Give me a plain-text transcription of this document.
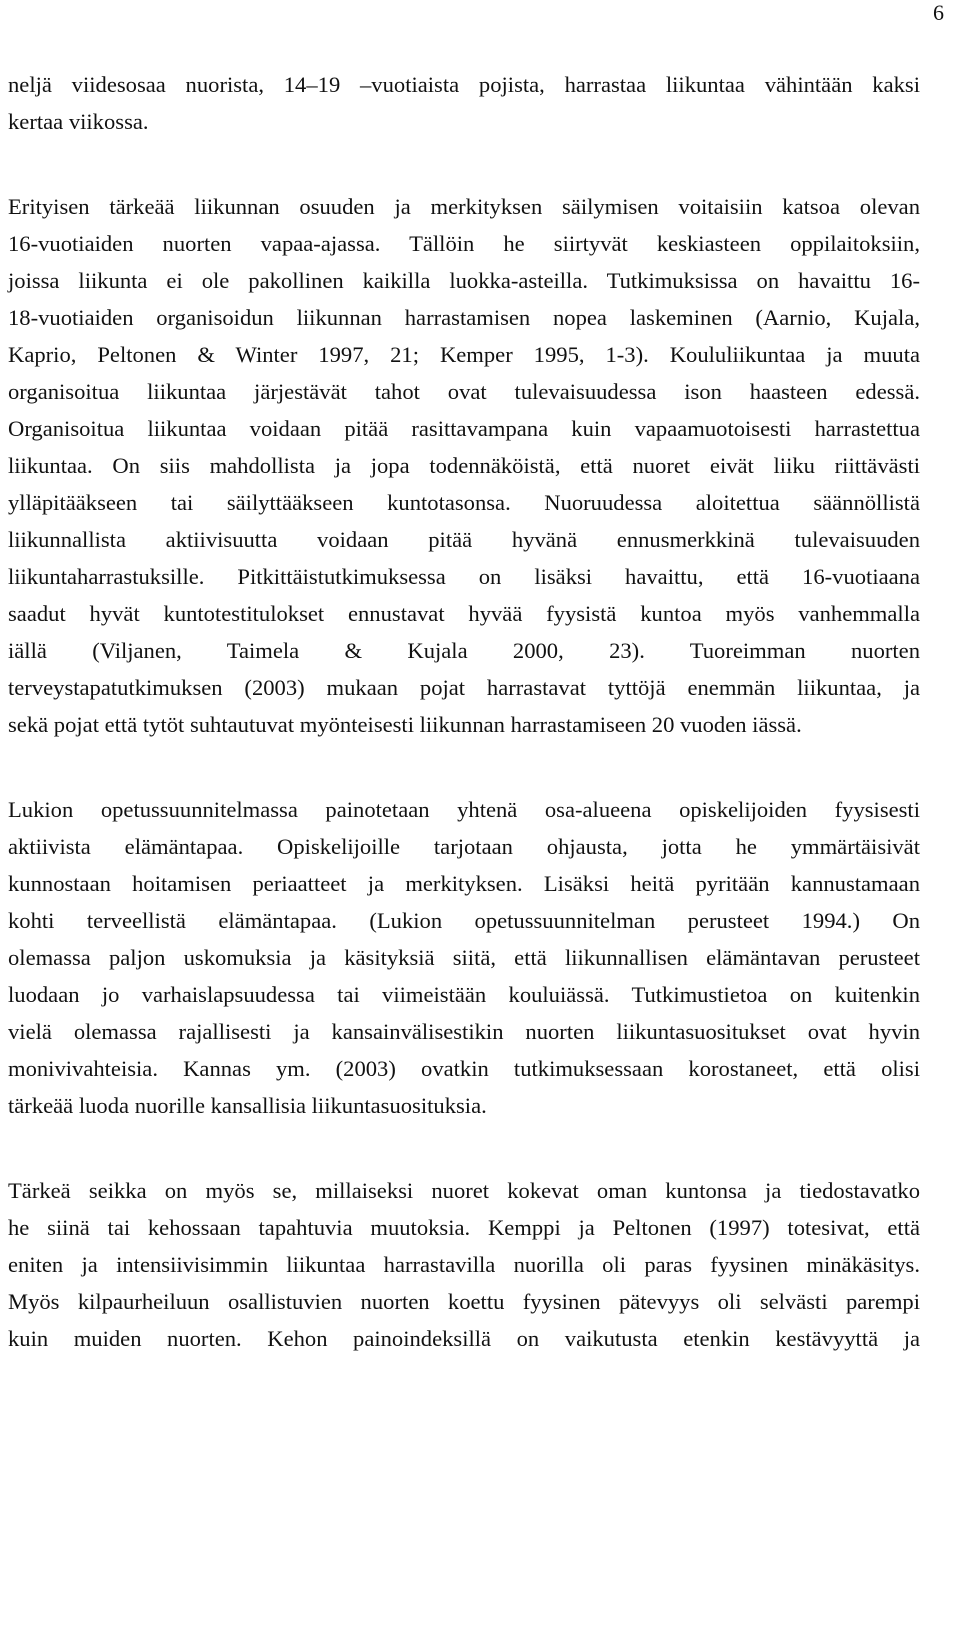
6
neljä viidesosaa nuorista, 14–19 –vuotiaista pojista, harrastaa liikuntaa vähintään kaksi
kertaa viikossa.
Erityisen tärkeää liikunnan osuuden ja merkityksen säilymisen voitaisiin katsoa olevan
16-vuotiaiden nuorten vapaa-ajassa. Tällöin he siirtyvät keskiasteen oppilaitoksiin,
joissa liikunta ei ole pakollinen kaikilla luokka-asteilla. Tutkimuksissa on havaittu 16-
18-vuotiaiden organisoidun liikunnan harrastamisen nopea laskeminen (Aarnio, Kujala,
Kaprio, Peltonen & Winter 1997, 21; Kemper 1995, 1-3). Koululiikuntaa ja muuta
organisoitua liikuntaa järjestävät tahot ovat tulevaisuudessa ison haasteen edessä.
Organisoitua liikuntaa voidaan pitää rasittavampana kuin vapaamuotoisesti harrastettua
liikuntaa. On siis mahdollista ja jopa todennäköistä, että nuoret eivät liiku riittävästi
ylläpitääkseen tai säilyttääkseen kuntotasonsa. Nuoruudessa aloitettua säännöllistä
liikunnallista aktiivisuutta voidaan pitää hyvänä ennusmerkkinä tulevaisuuden
liikuntaharrastuksille. Pitkittäistutkimuksessa on lisäksi havaittu, että 16-vuotiaana
saadut hyvät kuntotestitulokset ennustavat hyvää fyysistä kuntoa myös vanhemmalla
iällä (Viljanen, Taimela & Kujala 2000, 23). Tuoreimman nuorten
terveystapatutkimuksen (2003) mukaan pojat harrastavat tyttöjä enemmän liikuntaa, ja
sekä pojat että tytöt suhtautuvat myönteisesti liikunnan harrastamiseen 20 vuoden iässä.
Lukion opetussuunnitelmassa painotetaan yhtenä osa-alueena opiskelijoiden fyysisesti
aktiivista elämäntapaa. Opiskelijoille tarjotaan ohjausta, jotta he ymmärtäisivät
kunnostaan hoitamisen periaatteet ja merkityksen. Lisäksi heitä pyritään kannustamaan
kohti terveellistä elämäntapaa. (Lukion opetussuunnitelman perusteet 1994.) On
olemassa paljon uskomuksia ja käsityksiä siitä, että liikunnallisen elämäntavan perusteet
luodaan jo varhaislapsuudessa tai viimeistään kouluiässä. Tutkimustietoa on kuitenkin
vielä olemassa rajallisesti ja kansainvälisestikin nuorten liikuntasuositukset ovat hyvin
monivivahteisia. Kannas ym. (2003) ovatkin tutkimuksessaan korostaneet, että olisi
tärkeää luoda nuorille kansallisia liikuntasuosituksia.
Tärkeä seikka on myös se, millaiseksi nuoret kokevat oman kuntonsa ja tiedostavatko
he siinä tai kehossaan tapahtuvia muutoksia. Kemppi ja Peltonen (1997) totesivat, että
eniten ja intensiivisimmin liikuntaa harrastavilla nuorilla oli paras fyysinen minäkäsitys.
Myös kilpaurheiluun osallistuvien nuorten koettu fyysinen pätevyys oli selvästi parempi
kuin muiden nuorten. Kehon painoindeksillä on vaikutusta etenkin kestävyyttä ja
